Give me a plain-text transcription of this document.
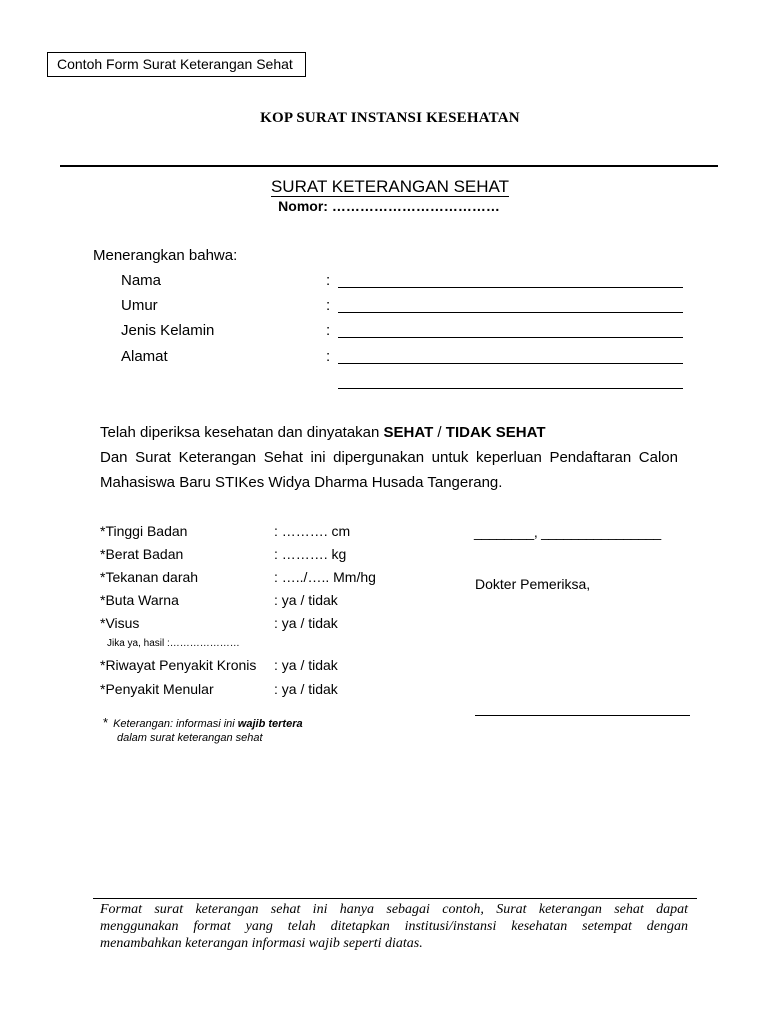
Contoh Form Surat Keterangan Sehat
KOP SURAT INSTANSI KESEHATAN
SURAT KETERANGAN SEHAT
Nomor: ………………………………
Menerangkan bahwa:
Nama	:
Umur	:
Jenis Kelamin	:
Alamat	:
Telah diperiksa kesehatan dan dinyatakan SEHAT / TIDAK SEHAT
Dan Surat Keterangan Sehat ini dipergunakan untuk keperluan Pendaftaran Calon
Mahasiswa Baru STIKes Widya Dharma Husada Tangerang.
*Tinggi Badan	: ………. cm
*Berat Badan	: ………. kg
*Tekanan darah	: …../….. Mm/hg
*Buta Warna	: ya / tidak
*Visus	: ya / tidak
Jika ya, hasil :…………………
*Riwayat Penyakit Kronis : ya / tidak
*Penyakit Menular	: ya / tidak
* Keterangan: informasi ini wajib tertera
dalam surat keterangan sehat
________, ________________
Dokter Pemeriksa,
Format surat keterangan sehat ini hanya sebagai contoh, Surat keterangan sehat dapat
menggunakan format yang telah ditetapkan institusi/instansi kesehatan setempat dengan
menambahkan keterangan informasi wajib seperti diatas.
